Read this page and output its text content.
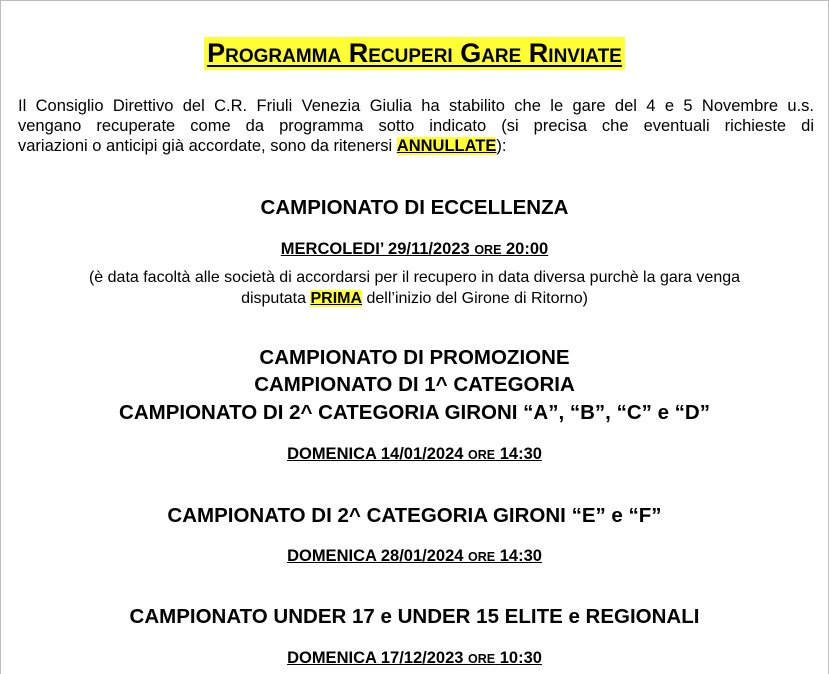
Programma Recuperi Gare Rinviate
Il Consiglio Direttivo del C.R. Friuli Venezia Giulia ha stabilito che le gare del 4 e 5 Novembre u.s.
vengano recuperate come da programma sotto indicato (si precisa che eventuali richieste di
variazioni o anticipi già accordate, sono da ritenersi ANNULLATE):
CAMPIONATO DI ECCELLENZA
MERCOLEDI’ 29/11/2023 ORE 20:00
(è data facoltà alle società di accordarsi per il recupero in data diversa purchè la gara venga
disputata PRIMA dell’inizio del Girone di Ritorno)
CAMPIONATO DI PROMOZIONE
CAMPIONATO DI 1^ CATEGORIA
CAMPIONATO DI 2^ CATEGORIA GIRONI “A”, “B”, “C” e “D”
DOMENICA 14/01/2024 ORE 14:30
CAMPIONATO DI 2^ CATEGORIA GIRONI “E” e “F”
DOMENICA 28/01/2024 ORE 14:30
CAMPIONATO UNDER 17 e UNDER 15 ELITE e REGIONALI
DOMENICA 17/12/2023 ORE 10:30
